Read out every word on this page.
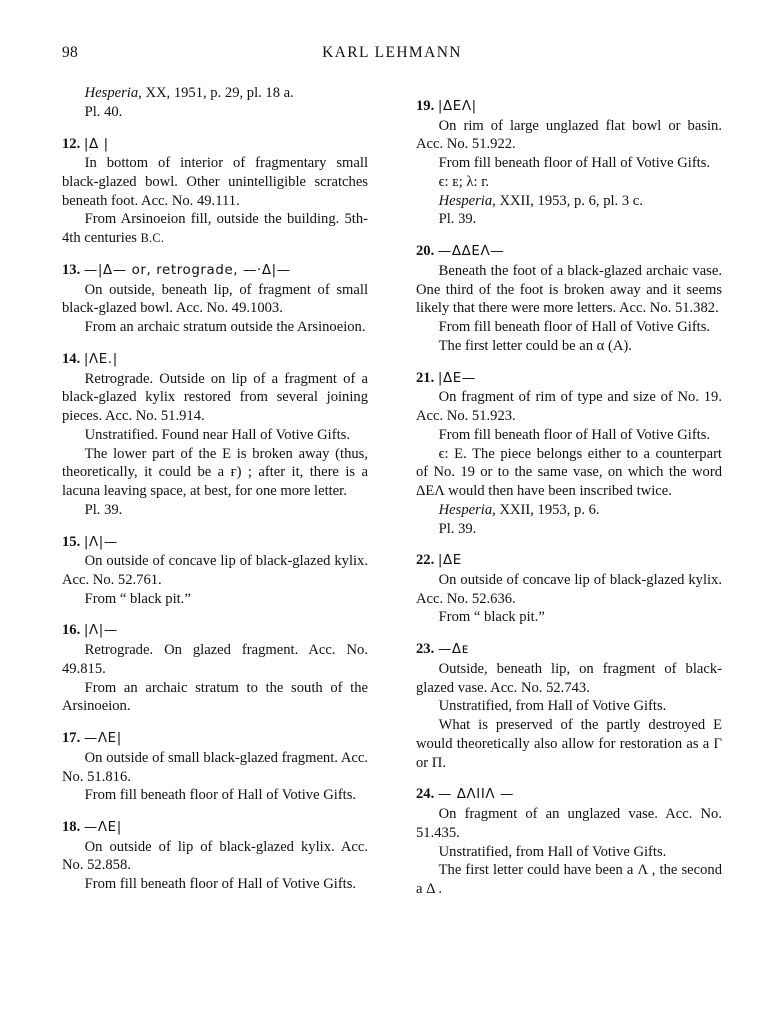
98	KARL LEHMANN

Hesperia, XX, 1951, p. 29, pl. 18 a.

Pl. 40.

12. |Δ |

In bottom of interior of fragmentary small black-glazed bowl. Other unintelligible scratches beneath foot. Acc. No. 49.111.

From Arsinoeion fill, outside the building. 5th-4th centuries B.C.

13. —|Δ— or, retrograde, —·Δ|—

On outside, beneath lip, of fragment of small black-glazed bowl. Acc. No. 49.1003.

From an archaic stratum outside the Arsinoeion.

14. |ΛE.|

Retrograde. Outside on lip of a fragment of a black-glazed kylix restored from several joining pieces. Acc. No. 51.914.

Unstratified. Found near Hall of Votive Gifts.

The lower part of the E is broken away (thus, theoretically, it could be a ғ) ; after it, there is a lacuna leaving space, at best, for one more letter.

Pl. 39.

15. |Λ|—

On outside of concave lip of black-glazed kylix. Acc. No. 52.761.

From “ black pit.”

16. |Λ|—

Retrograde. On glazed fragment. Acc. No. 49.815.

From an archaic stratum to the south of the Arsinoeion.

17. —ΛE|

On outside of small black-glazed fragment. Acc. No. 51.816.

From fill beneath floor of Hall of Votive Gifts.

18. —ΛE|

On outside of lip of black-glazed kylix. Acc. No. 52.858.

From fill beneath floor of Hall of Votive Gifts.

19. |ΔEΛ|

On rim of large unglazed flat bowl or basin. Acc. No. 51.922.

From fill beneath floor of Hall of Votive Gifts.

ϵ: ᴇ; λ: г.

Hesperia, XXII, 1953, p. 6, pl. 3 c.

Pl. 39.

20. —ΔΔEΛ—

Beneath the foot of a black-glazed archaic vase. One third of the foot is broken away and it seems likely that there were more letters. Acc. No. 51.382.

From fill beneath floor of Hall of Votive Gifts.

The first letter could be an α (A).

21. |ΔE—

On fragment of rim of type and size of No. 19. Acc. No. 51.923.

From fill beneath floor of Hall of Votive Gifts.

ϵ: E. The piece belongs either to a counterpart of No. 19 or to the same vase, on which the word ΔEΛ would then have been inscribed twice.

Hesperia, XXII, 1953, p. 6.

Pl. 39.

22. |ΔE

On outside of concave lip of black-glazed kylix. Acc. No. 52.636.

From “ black pit.”

23. —Δᴇ

Outside, beneath lip, on fragment of black-glazed vase. Acc. No. 52.743.

Unstratified, from Hall of Votive Gifts.

What is preserved of the partly destroyed E would theoretically also allow for restoration as a Γ or Π.

24. — ΔΛIIΛ —

On fragment of an unglazed vase. Acc. No. 51.435.

Unstratified, from Hall of Votive Gifts.

The first letter could have been a Λ , the second a Δ .
